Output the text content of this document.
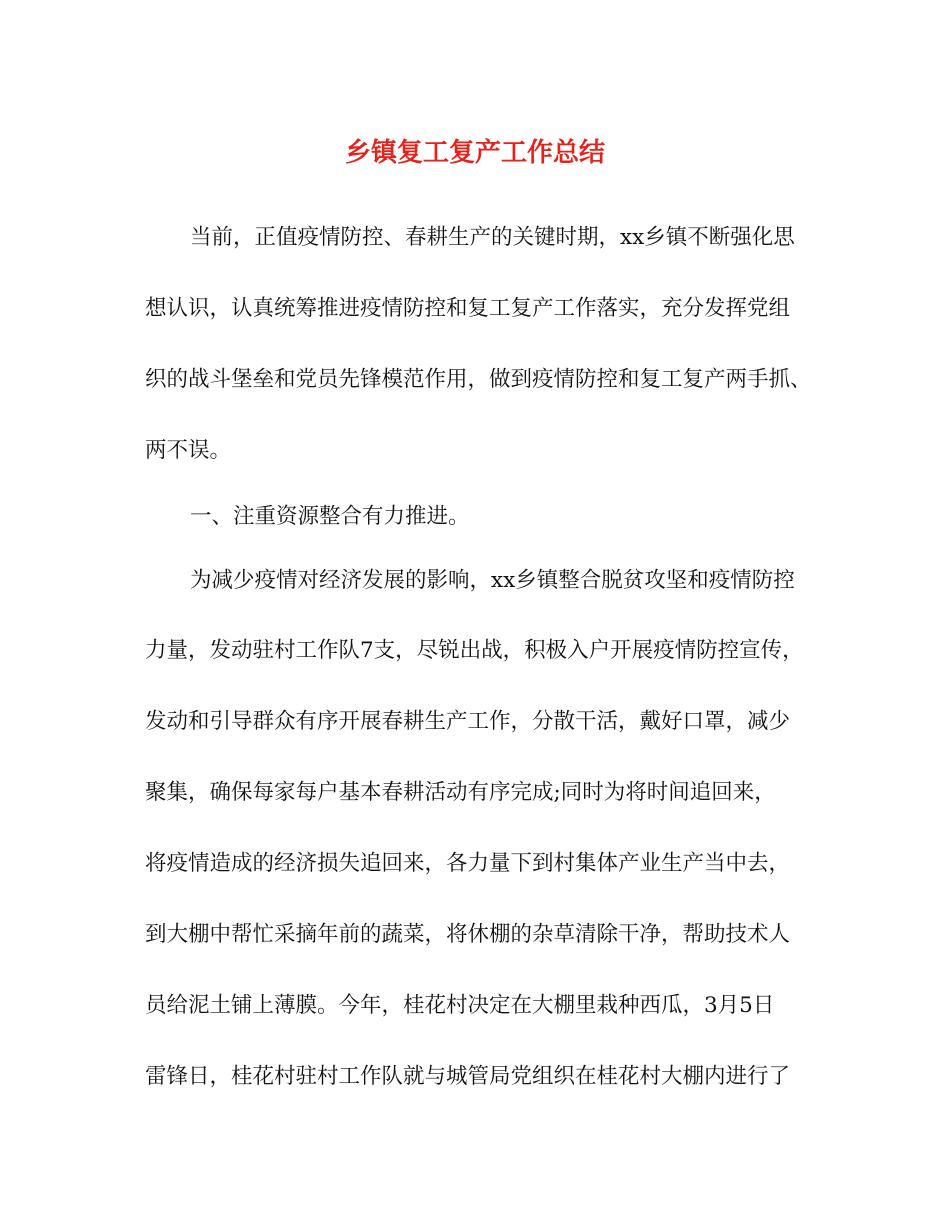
乡镇复工复产工作总结

当前，正值疫情防控、春耕生产的关键时期，xx乡镇不断强化思

想认识，认真统筹推进疫情防控和复工复产工作落实，充分发挥党组

织的战斗堡垒和党员先锋模范作用，做到疫情防控和复工复产两手抓、

两不误。

一、注重资源整合有力推进。

为减少疫情对经济发展的影响，xx乡镇整合脱贫攻坚和疫情防控

力量，发动驻村工作队7支，尽锐出战，积极入户开展疫情防控宣传，

发动和引导群众有序开展春耕生产工作，分散干活，戴好口罩，减少

聚集，确保每家每户基本春耕活动有序完成;同时为将时间追回来，

将疫情造成的经济损失追回来，各力量下到村集体产业生产当中去，

到大棚中帮忙采摘年前的蔬菜，将休棚的杂草清除干净，帮助技术人

员给泥土铺上薄膜。今年，桂花村决定在大棚里栽种西瓜，3月5日

雷锋日，桂花村驻村工作队就与城管局党组织在桂花村大棚内进行了
